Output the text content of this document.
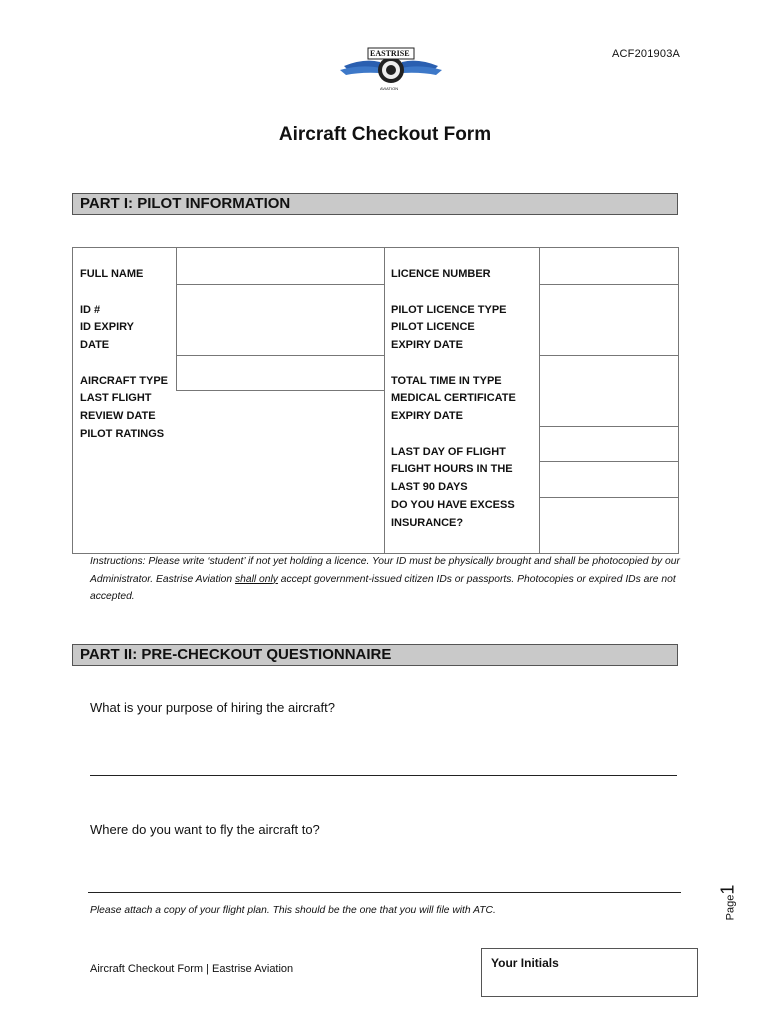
EASTRISE
AVIATION
ACF201903A
Aircraft Checkout Form
PART I: PILOT INFORMATION
FULL NAME
ID #
ID EXPIRY
DATE
AIRCRAFT TYPE
LAST FLIGHT
REVIEW DATE
PILOT RATINGS
LICENCE NUMBER
PILOT LICENCE TYPE
PILOT LICENCE
EXPIRY DATE
TOTAL TIME IN TYPE
MEDICAL CERTIFICATE
EXPIRY DATE
LAST DAY OF FLIGHT
FLIGHT HOURS IN THE
LAST 90 DAYS
DO YOU HAVE EXCESS
INSURANCE?
Instructions: Please write ‘student’ if not yet holding a licence. Your ID must be physically brought and shall be photocopied by our Administrator. Eastrise Aviation shall only accept government-issued citizen IDs or passports. Photocopies or expired IDs are not accepted.
PART II: PRE-CHECKOUT QUESTIONNAIRE
What is your purpose of hiring the aircraft?
Where do you want to fly the aircraft to?
Please attach a copy of your flight plan. This should be the one that you will file with ATC.
Aircraft Checkout Form | Eastrise Aviation	Your Initials
Page1
